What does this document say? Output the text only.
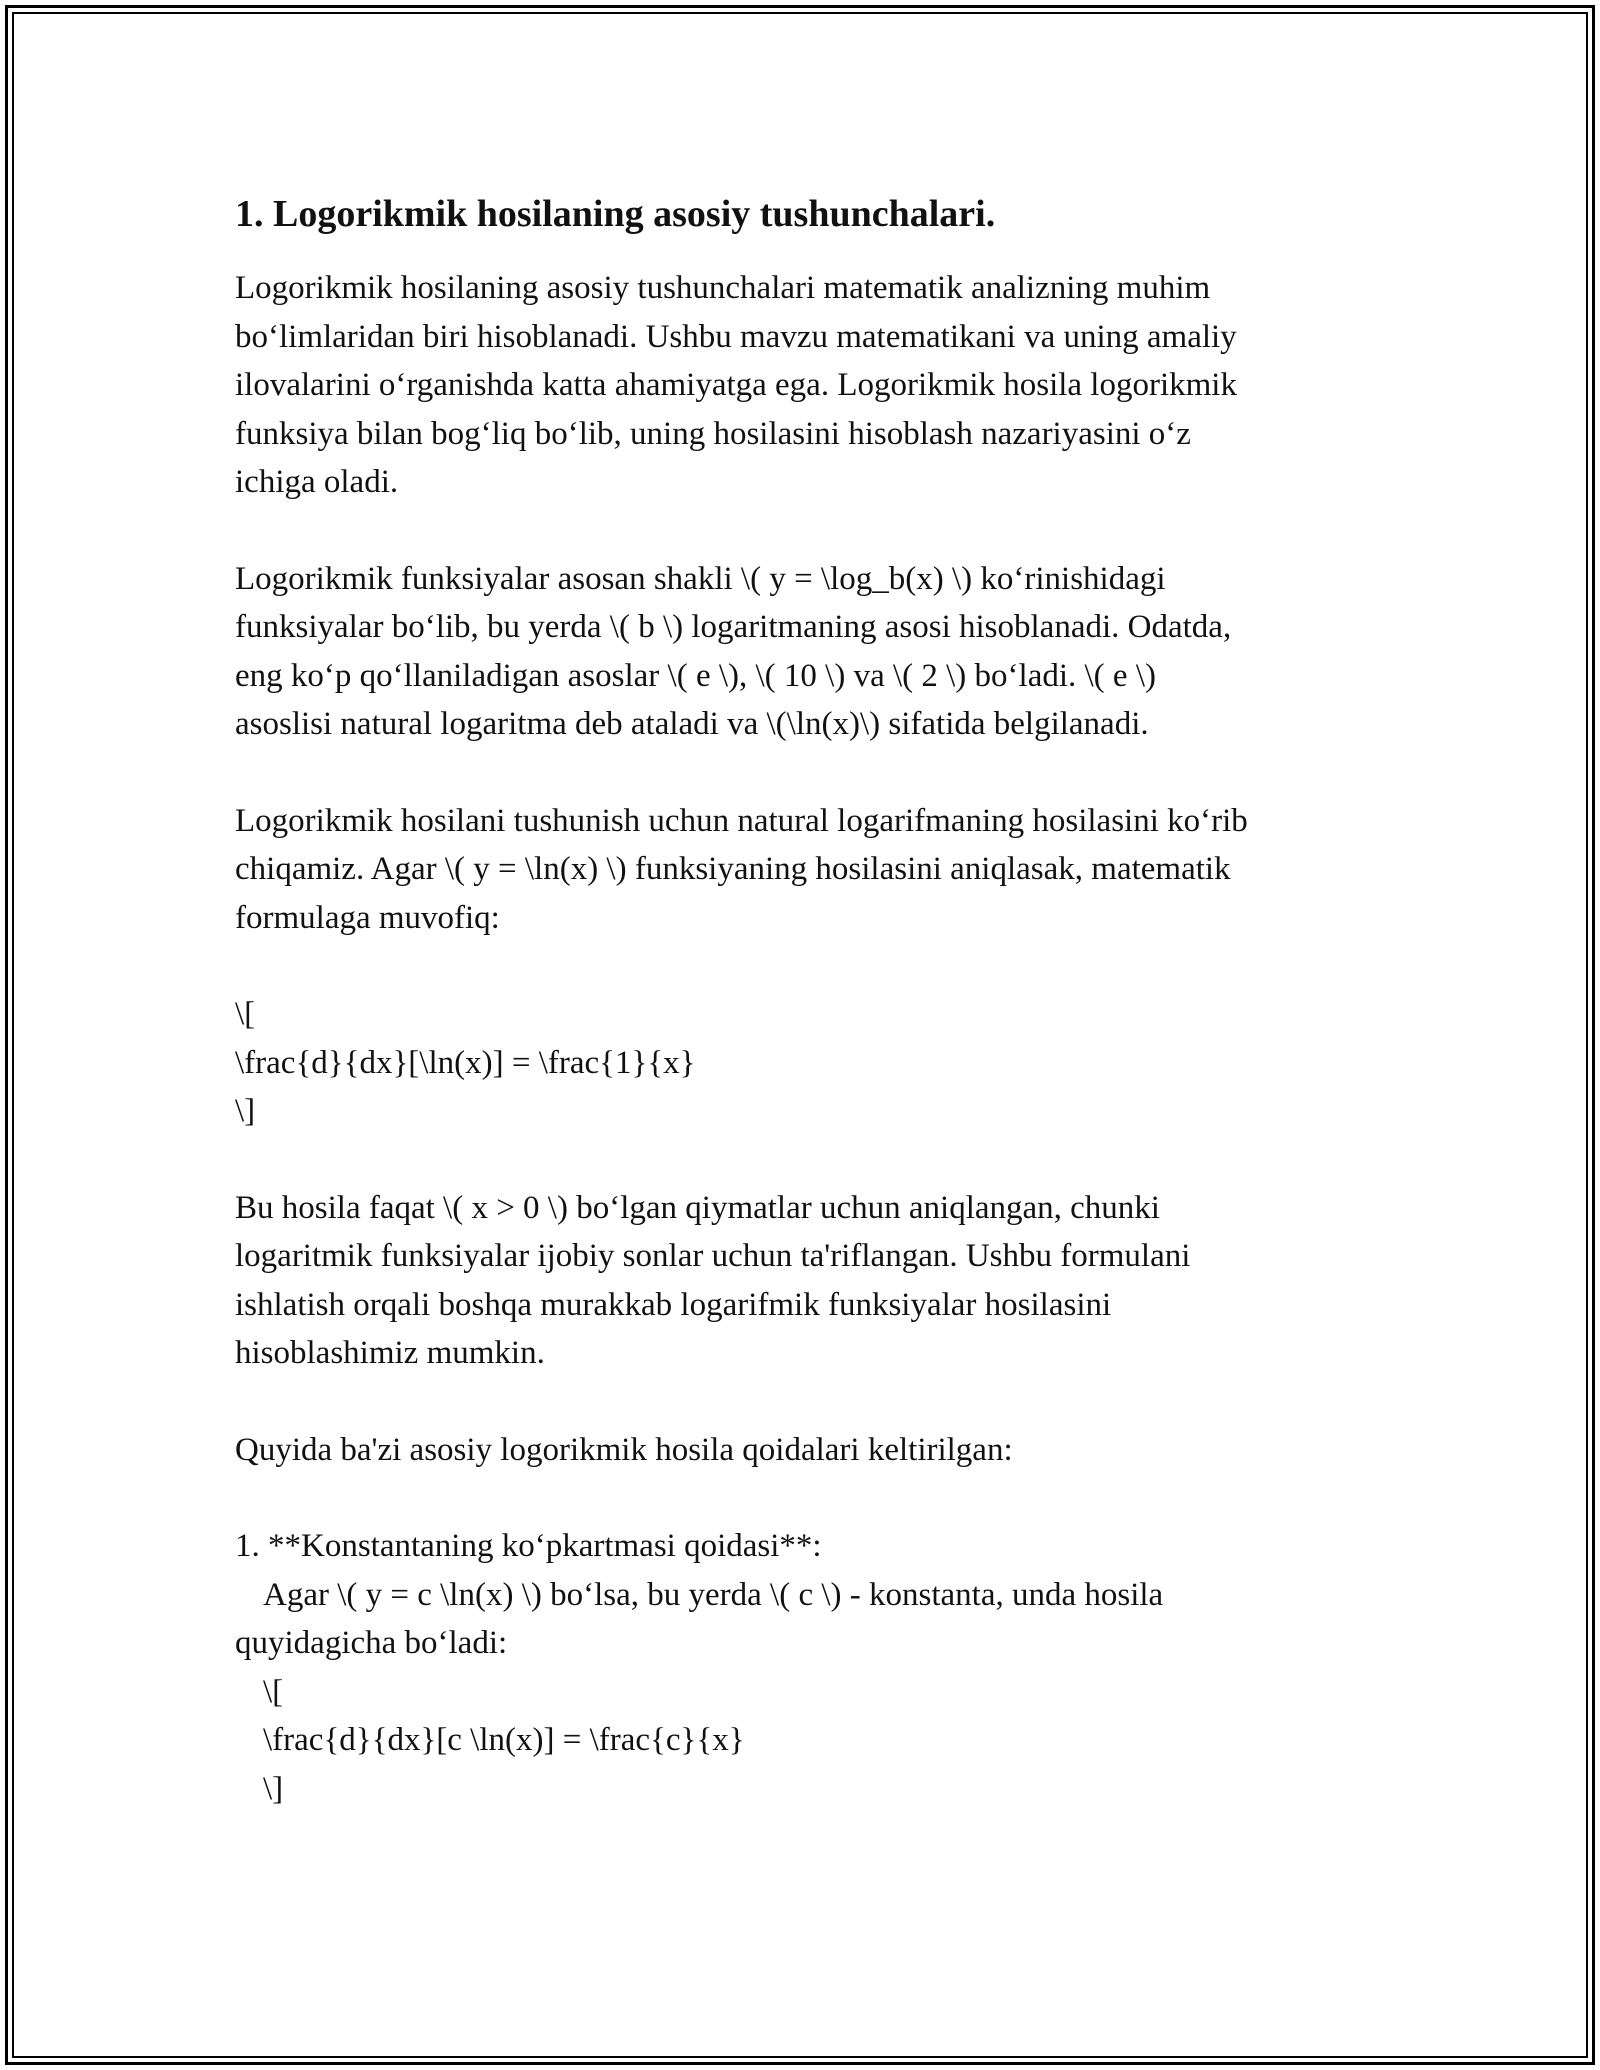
1. Logorikmik hosilaning asosiy tushunchalari.

Logorikmik hosilaning asosiy tushunchalari matematik analizning muhim
bo‘limlaridan biri hisoblanadi. Ushbu mavzu matematikani va uning amaliy
ilovalarini o‘rganishda katta ahamiyatga ega. Logorikmik hosila logorikmik
funksiya bilan bog‘liq bo‘lib, uning hosilasini hisoblash nazariyasini o‘z
ichiga oladi.

Logorikmik funksiyalar asosan shakli \( y = \log_b(x) \) ko‘rinishidagi
funksiyalar bo‘lib, bu yerda \( b \) logaritmaning asosi hisoblanadi. Odatda,
eng ko‘p qo‘llaniladigan asoslar \( e \), \( 10 \) va \( 2 \) bo‘ladi. \( e \)
asoslisi natural logaritma deb ataladi va \(\ln(x)\) sifatida belgilanadi.

Logorikmik hosilani tushunish uchun natural logarifmaning hosilasini ko‘rib
chiqamiz. Agar \( y = \ln(x) \) funksiyaning hosilasini aniqlasak, matematik
formulaga muvofiq:

\[
\frac{d}{dx}[\ln(x)] = \frac{1}{x}
\]

Bu hosila faqat \( x > 0 \) bo‘lgan qiymatlar uchun aniqlangan, chunki
logaritmik funksiyalar ijobiy sonlar uchun ta'riflangan. Ushbu formulani
ishlatish orqali boshqa murakkab logarifmik funksiyalar hosilasini
hisoblashimiz mumkin.

Quyida ba'zi asosiy logorikmik hosila qoidalari keltirilgan:

1. **Konstantaning ko‘pkartmasi qoidasi**:
Agar \( y = c \ln(x) \) bo‘lsa, bu yerda \( c \) - konstanta, unda hosila
quyidagicha bo‘ladi:
\[
\frac{d}{dx}[c \ln(x)] = \frac{c}{x}
\]
